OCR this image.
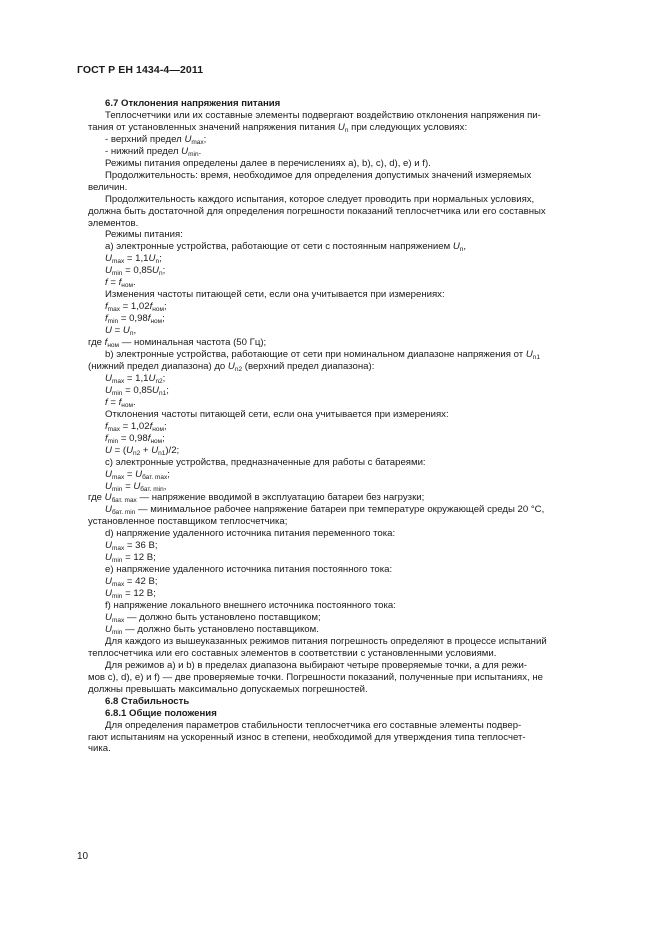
ГОСТ Р ЕН 1434-4—2011

6.7 Отклонения напряжения питания

Теплосчетчики или их составные элементы подвергают воздействию отклонения напряжения пи-

тания от установленных значений напряжения питания $U_n$ при следующих условиях:

- верхний предел $U_{max}$;

- нижний предел $U_{min}$.

Режимы питания определены далее в перечислениях а), b), c), d), e) и f).

Продолжительность: время, необходимое для определения допустимых значений измеряемых

величин.

Продолжительность каждого испытания, которое следует проводить при нормальных условиях,

должна быть достаточной для определения погрешности показаний теплосчетчика или его составных

элементов.

Режимы питания:

а) электронные устройства, работающие от сети с постоянным напряжением $U_n$,

$U_{max} = 1,1U_n$;

$U_{min} = 0,85U_n$;

$f = f_{ном}$.

Изменения частоты питающей сети, если она учитывается при измерениях:

$f_{max} = 1,02f_{ном}$;

$f_{min} = 0,98f_{ном}$;

$U = U_n$,

где $f_{ном}$ — номинальная частота (50 Гц);

b) электронные устройства, работающие от сети при номинальном диапазоне напряжения от $U_{n1}$

(нижний предел диапазона) до $U_{n2}$ (верхний предел диапазона):

$U_{max} = 1,1U_{n2}$;

$U_{min} = 0,85U_{n1}$;

$f = f_{ном}$.

Отклонения частоты питающей сети, если она учитывается при измерениях:

$f_{max} = 1,02f_{ном}$;

$f_{min} = 0,98f_{ном}$;

$U = (U_{n2} + U_{n1})/2$;

c) электронные устройства, предназначенные для работы с батареями:

$U_{max} = U_{бат. max}$;

$U_{min} = U_{бат. min}$,

где $U_{бат. max}$ — напряжение вводимой в эксплуатацию батареи без нагрузки;

$U_{бат. min}$ — минимальное рабочее напряжение батареи при температуре окружающей среды 20 °С,

установленное поставщиком теплосчетчика;

d) напряжение удаленного источника питания переменного тока:

$U_{max} = 36$ В;

$U_{min} = 12$ В;

e) напряжение удаленного источника питания постоянного тока:

$U_{max} = 42$ В;

$U_{min} = 12$ В;

f) напряжение локального внешнего источника постоянного тока:

$U_{max}$ — должно быть установлено поставщиком;

$U_{min}$ — должно быть установлено поставщиком.

Для каждого из вышеуказанных режимов питания погрешность определяют в процессе испытаний

теплосчетчика или его составных элементов в соответствии с установленными условиями.

Для режимов а) и b) в пределах диапазона выбирают четыре проверяемые точки, а для режи-

мов c), d), e) и f) — две проверяемые точки. Погрешности показаний, полученные при испытаниях, не

должны превышать максимально допускаемых погрешностей.

6.8 Стабильность

6.8.1 Общие положения

Для определения параметров стабильности теплосчетчика его составные элементы подвер-

гают испытаниям на ускоренный износ в степени, необходимой для утверждения типа теплосчет-

чика.

10
